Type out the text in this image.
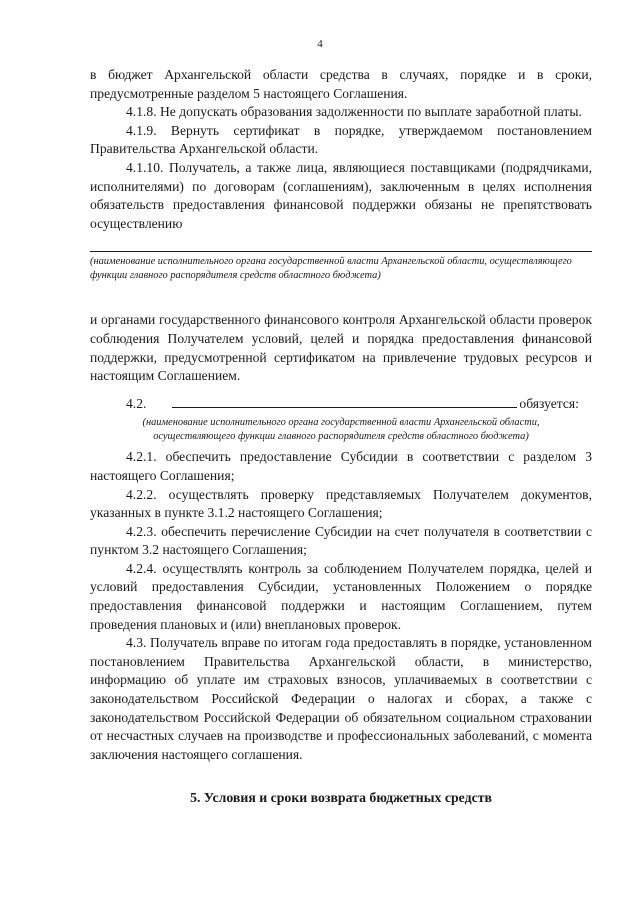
4

в бюджет Архангельской области средства в случаях, порядке и в сроки, предусмотренные разделом 5 настоящего Соглашения.

4.1.8. Не допускать образования задолженности по выплате заработной платы.

4.1.9. Вернуть сертификат в порядке, утверждаемом постановлением Правительства Архангельской области.

4.1.10. Получатель, а также лица, являющиеся поставщиками (подрядчиками, исполнителями) по договорам (соглашениям), заключенным в целях исполнения обязательств предоставления финансовой поддержки обязаны не препятствовать осуществлению

(наименование исполнительного органа государственной власти Архангельской области, осуществляющего функции главного распорядителя средств областного бюджета)

и органами государственного финансового контроля Архангельской области проверок соблюдения Получателем условий, целей и порядка предоставления финансовой поддержки, предусмотренной сертификатом на привлечение трудовых ресурсов и настоящим Соглашением.

4.2.	обязуется:

(наименование исполнительного органа государственной власти Архангельской области, осуществляющего функции главного распорядителя средств областного бюджета)

4.2.1. обеспечить предоставление Субсидии в соответствии с разделом 3 настоящего Соглашения;

4.2.2. осуществлять проверку представляемых Получателем документов, указанных в пункте 3.1.2 настоящего Соглашения;

4.2.3. обеспечить перечисление Субсидии на счет получателя в соответствии с пунктом 3.2 настоящего Соглашения;

4.2.4. осуществлять контроль за соблюдением Получателем порядка, целей и условий предоставления Субсидии, установленных Положением о порядке предоставления финансовой поддержки и настоящим Соглашением, путем проведения плановых и (или) внеплановых проверок.

4.3. Получатель вправе по итогам года предоставлять в порядке, установленном постановлением Правительства Архангельской области, в министерство, информацию об уплате им страховых взносов, уплачиваемых в соответствии с законодательством Российской Федерации о налогах и сборах, а также с законодательством Российской Федерации об обязательном социальном страховании от несчастных случаев на производстве и профессиональных заболеваний, с момента заключения настоящего соглашения.

5. Условия и сроки возврата бюджетных средств
